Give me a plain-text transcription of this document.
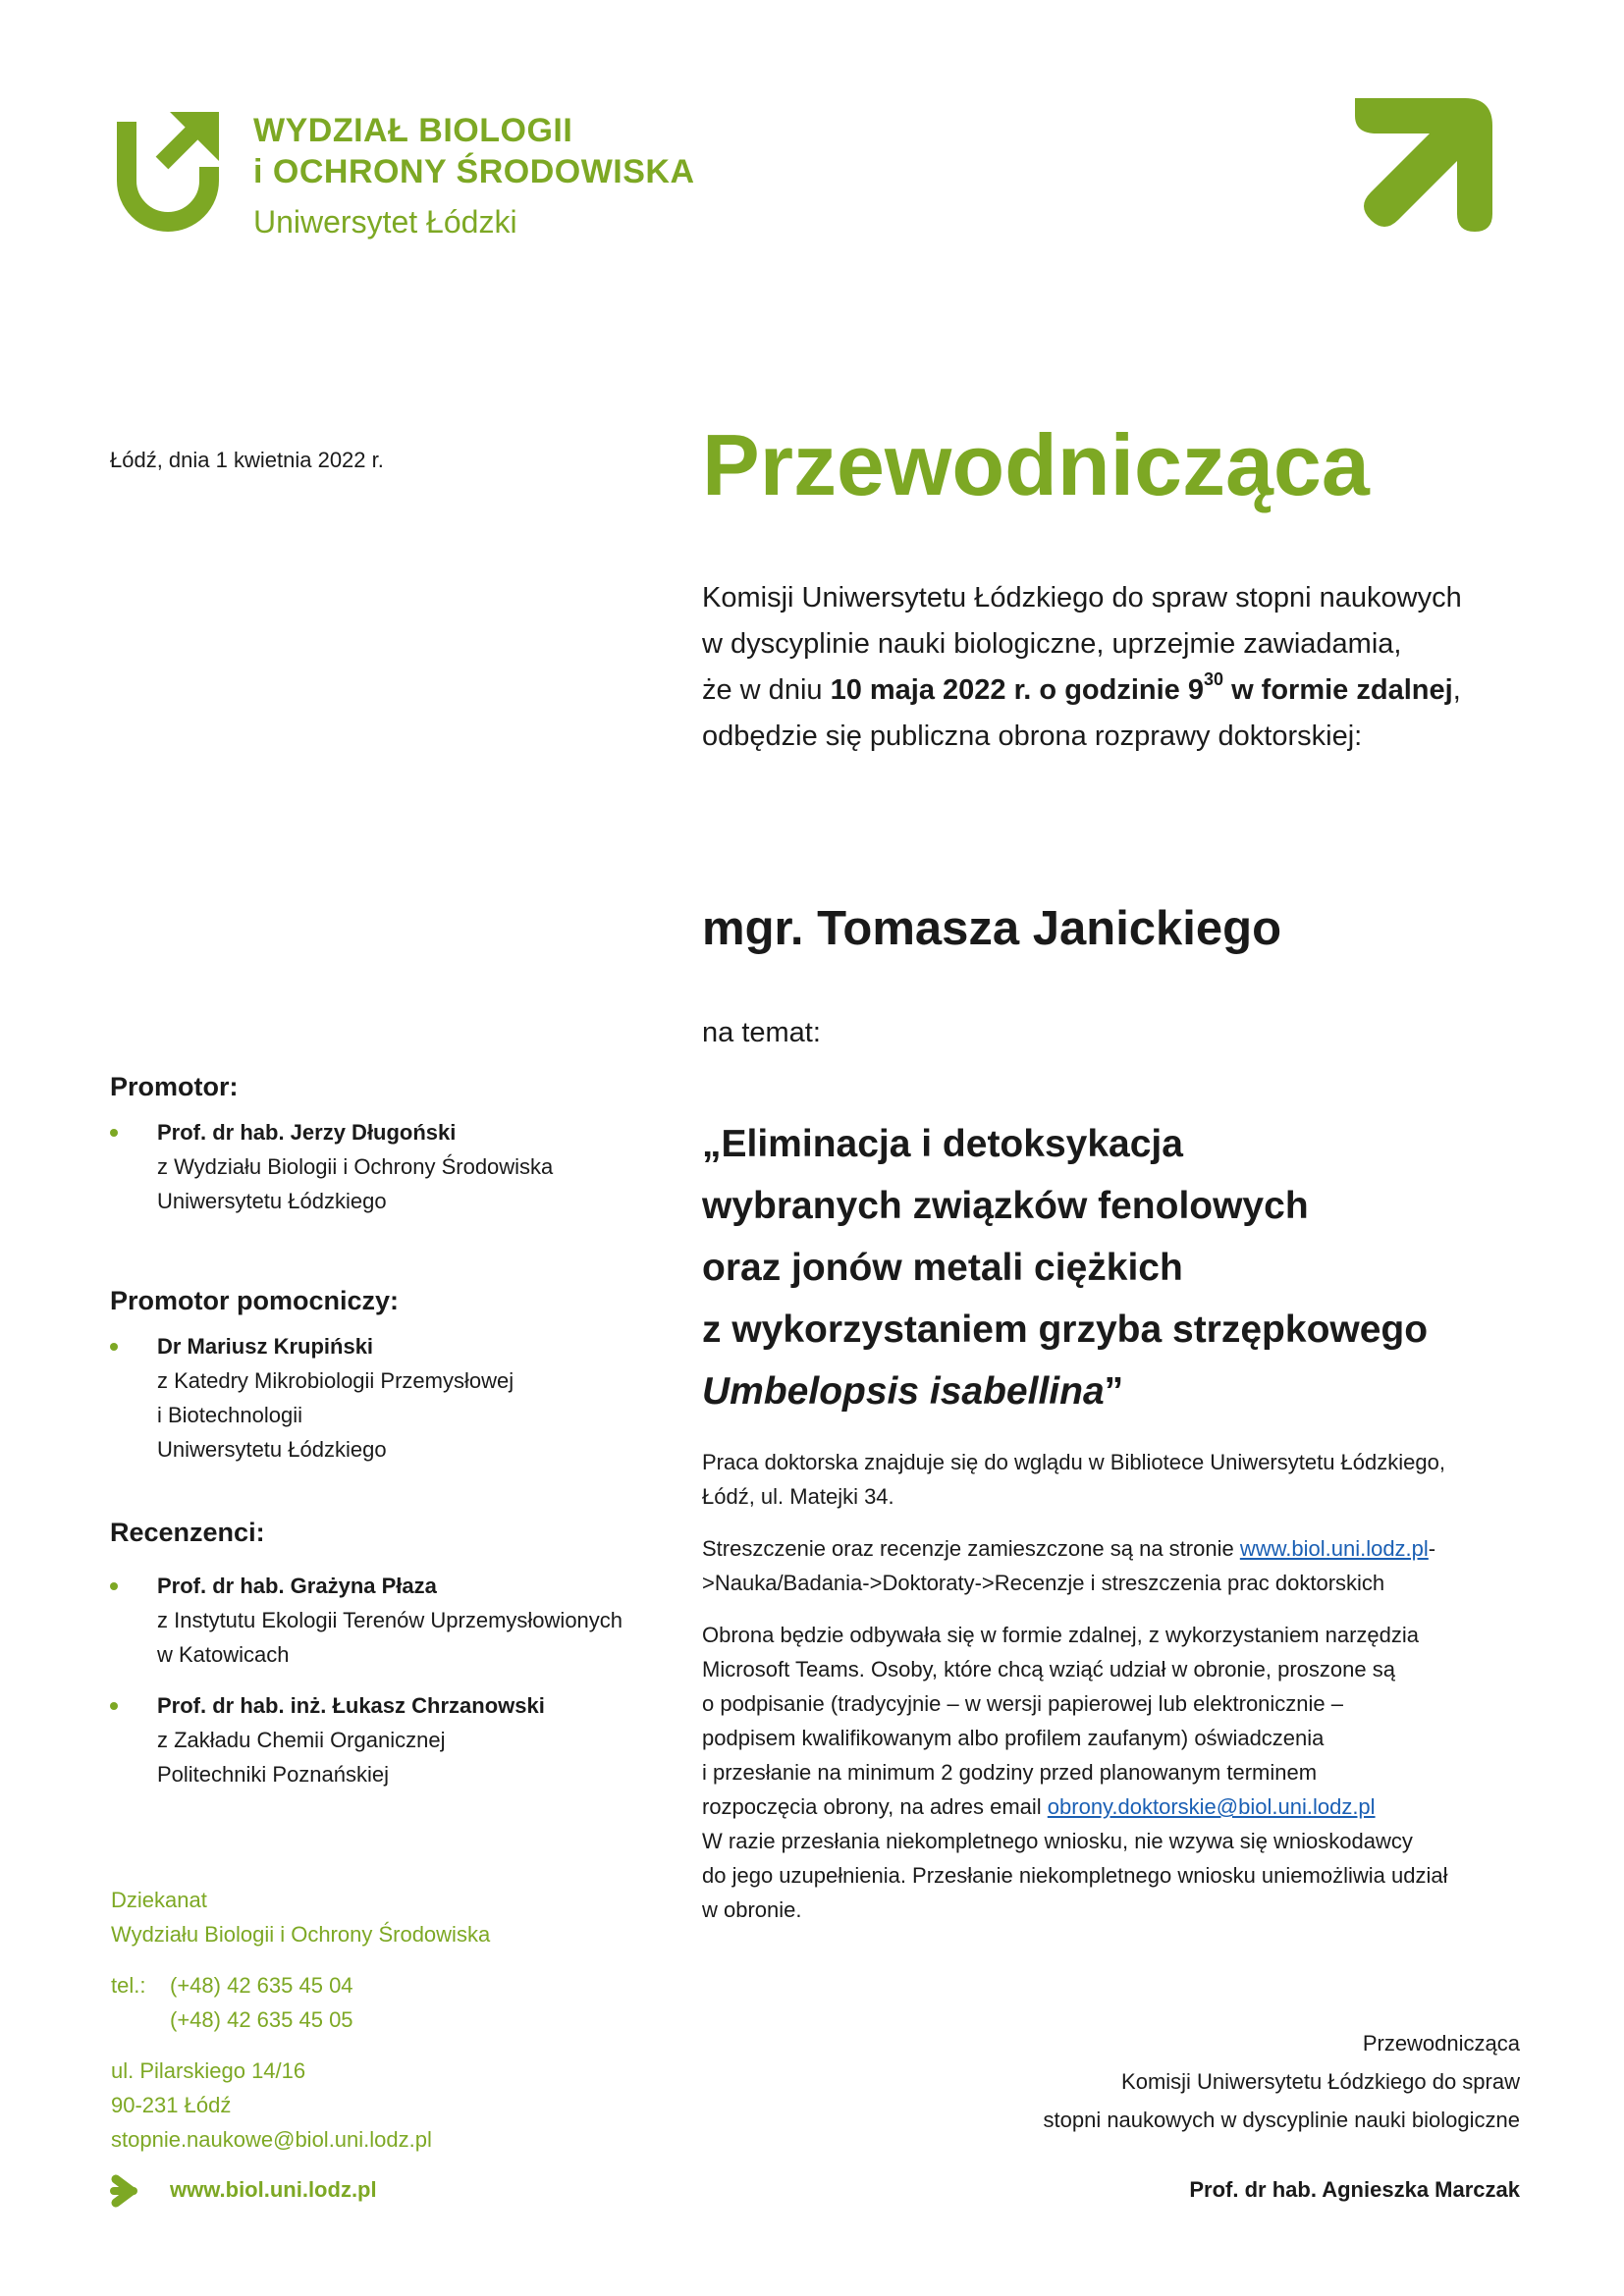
WYDZIAŁ BIOLOGII
i OCHRONY ŚRODOWISKA
Uniwersytet Łódzki
Łódź, dnia 1 kwietnia 2022 r.
Promotor:
Prof. dr hab. Jerzy Długoński
z Wydziału Biologii i Ochrony Środowiska
Uniwersytetu Łódzkiego
Promotor pomocniczy:
Dr Mariusz Krupiński
z Katedry Mikrobiologii Przemysłowej
i Biotechnologii
Uniwersytetu Łódzkiego
Recenzenci:
Prof. dr hab. Grażyna Płaza
z Instytutu Ekologii Terenów Uprzemysłowionych
w Katowicach
Prof. dr hab. inż. Łukasz Chrzanowski
z Zakładu Chemii Organicznej
Politechniki Poznańskiej
Dziekanat
Wydziału Biologii i Ochrony Środowiska
tel.: (+48) 42 635 45 04
(+48) 42 635 45 05
ul. Pilarskiego 14/16
90-231 Łódź
stopnie.naukowe@biol.uni.lodz.pl
www.biol.uni.lodz.pl
Przewodnicząca
Komisji Uniwersytetu Łódzkiego do spraw stopni naukowych
w dyscyplinie nauki biologiczne, uprzejmie zawiadamia,
że w dniu 10 maja 2022 r. o godzinie $9^{30}$ w formie zdalnej,
odbędzie się publiczna obrona rozprawy doktorskiej:
mgr. Tomasza Janickiego
na temat:
„Eliminacja i detoksykacja
wybranych związków fenolowych
oraz jonów metali ciężkich
z wykorzystaniem grzyba strzępkowego
Umbelopsis isabellina”
Praca doktorska znajduje się do wglądu w Bibliotece Uniwersytetu Łódzkiego,
Łódź, ul. Matejki 34.
Streszczenie oraz recenzje zamieszczone są na stronie www.biol.uni.lodz.pl-
>Nauka/Badania->Doktoraty->Recenzje i streszczenia prac doktorskich
Obrona będzie odbywała się w formie zdalnej, z wykorzystaniem narzędzia
Microsoft Teams. Osoby, które chcą wziąć udział w obronie, proszone są
o podpisanie (tradycyjnie – w wersji papierowej lub elektronicznie –
podpisem kwalifikowanym albo profilem zaufanym) oświadczenia
i przesłanie na minimum 2 godziny przed planowanym terminem
rozpoczęcia obrony, na adres email obrony.doktorskie@biol.uni.lodz.pl
W razie przesłania niekompletnego wniosku, nie wzywa się wnioskodawcy
do jego uzupełnienia. Przesłanie niekompletnego wniosku uniemożliwia udział
w obronie.
Przewodnicząca
Komisji Uniwersytetu Łódzkiego do spraw
stopni naukowych w dyscyplinie nauki biologiczne
Prof. dr hab. Agnieszka Marczak
